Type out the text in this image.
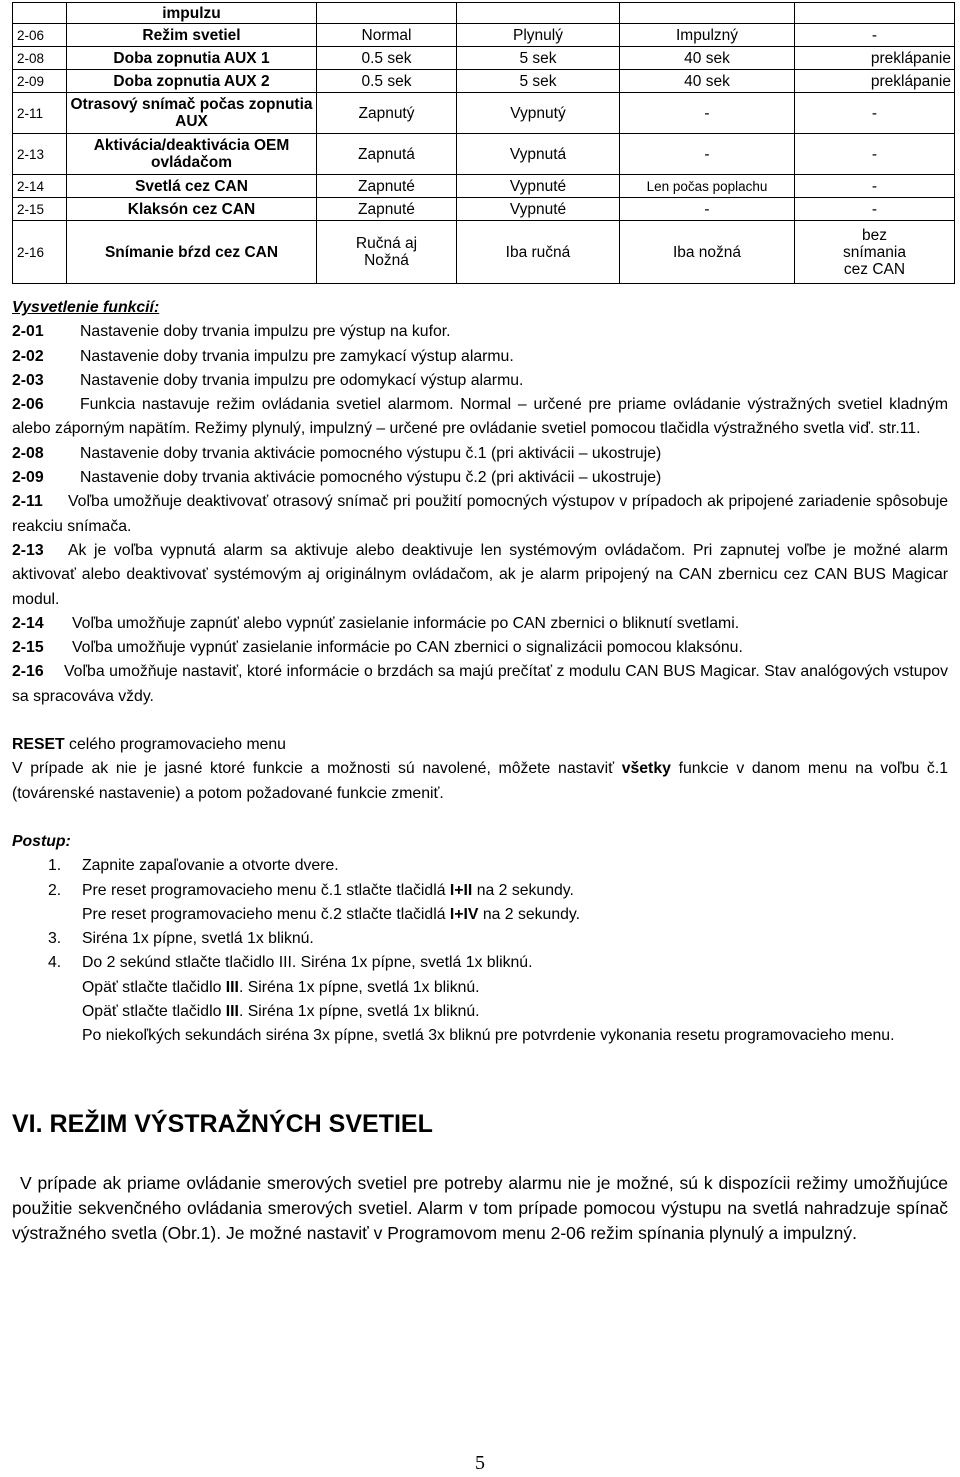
	impulzu				
2-06	Režim svetiel	Normal	Plynulý	Impulzný	-
2-08	Doba zopnutia AUX 1	0.5 sek	5 sek	40 sek	preklápanie
2-09	Doba zopnutia AUX 2	0.5 sek	5 sek	40 sek	preklápanie
2-11	Otrasový snímač počas zopnutia AUX	Zapnutý	Vypnutý	-	-
2-13	Aktivácia/deaktivácia OEM ovládačom	Zapnutá	Vypnutá	-	-
2-14	Svetlá cez CAN	Zapnuté	Vypnuté	Len počas poplachu	-
2-15	Klaksón cez CAN	Zapnuté	Vypnuté	-	-
2-16	Snímanie bŕzd cez CAN	Ručná aj Nožná	Iba ručná	Iba nožná	bez snímania cez CAN

Vysvetlenie funkcií:

2-01 Nastavenie doby trvania impulzu pre výstup na kufor.

2-02 Nastavenie doby trvania impulzu pre zamykací výstup alarmu.

2-03 Nastavenie doby trvania impulzu pre odomykací výstup alarmu.

2-06 Funkcia nastavuje režim ovládania svetiel alarmom. Normal – určené pre priame ovládanie výstražných svetiel kladným alebo záporným napätím. Režimy plynulý, impulzný – určené pre ovládanie svetiel pomocou tlačidla výstražného svetla viď. str.11.

2-08 Nastavenie doby trvania aktivácie pomocného výstupu č.1 (pri aktivácii – ukostruje)

2-09 Nastavenie doby trvania aktivácie pomocného výstupu č.2 (pri aktivácii – ukostruje)

2-11 Voľba umožňuje deaktivovať otrasový snímač pri použití pomocných výstupov v prípadoch ak pripojené zariadenie spôsobuje reakciu snímača.

2-13 Ak je voľba vypnutá alarm sa aktivuje alebo deaktivuje len systémovým ovládačom. Pri zapnutej voľbe je možné alarm aktivovať alebo deaktivovať systémovým aj originálnym ovládačom, ak je alarm pripojený na CAN zbernicu cez CAN BUS Magicar modul.

2-14 Voľba umožňuje zapnúť alebo vypnúť zasielanie informácie po CAN zbernici o bliknutí svetlami.

2-15 Voľba umožňuje vypnúť zasielanie informácie po CAN zbernici o signalizácii pomocou klaksónu.

2-16 Voľba umožňuje nastaviť, ktoré informácie o brzdách sa majú prečítať z modulu CAN BUS Magicar. Stav analógových vstupov sa spracováva vždy.

RESET celého programovacieho menu

V prípade ak nie je jasné ktoré funkcie a možnosti sú navolené, môžete nastaviť všetky funkcie v danom menu na voľbu č.1 (továrenské nastavenie) a potom požadované funkcie zmeniť.

Postup:

1. Zapnite zapaľovanie a otvorte dvere.
2. Pre reset programovacieho menu č.1 stlačte tlačidlá I+II na 2 sekundy.
Pre reset programovacieho menu č.2 stlačte tlačidlá I+IV na 2 sekundy.
3. Siréna 1x pípne, svetlá 1x bliknú.
4. Do 2 sekúnd stlačte tlačidlo III. Siréna 1x pípne, svetlá 1x bliknú.
Opäť stlačte tlačidlo III. Siréna 1x pípne, svetlá 1x bliknú.
Opäť stlačte tlačidlo III. Siréna 1x pípne, svetlá 1x bliknú.
Po niekoľkých sekundách siréna 3x pípne, svetlá 3x bliknú pre potvrdenie vykonania resetu programovacieho menu.
VI. REŽIM VÝSTRAŽNÝCH SVETIEL

V prípade ak priame ovládanie smerových svetiel pre potreby alarmu nie je možné, sú k dispozícii režimy umožňujúce použitie sekvenčného ovládania smerových svetiel. Alarm v tom prípade pomocou výstupu na svetlá nahradzuje spínač výstražného svetla (Obr.1). Je možné nastaviť v Programovom menu 2-06 režim spínania plynulý a impulzný.

5
